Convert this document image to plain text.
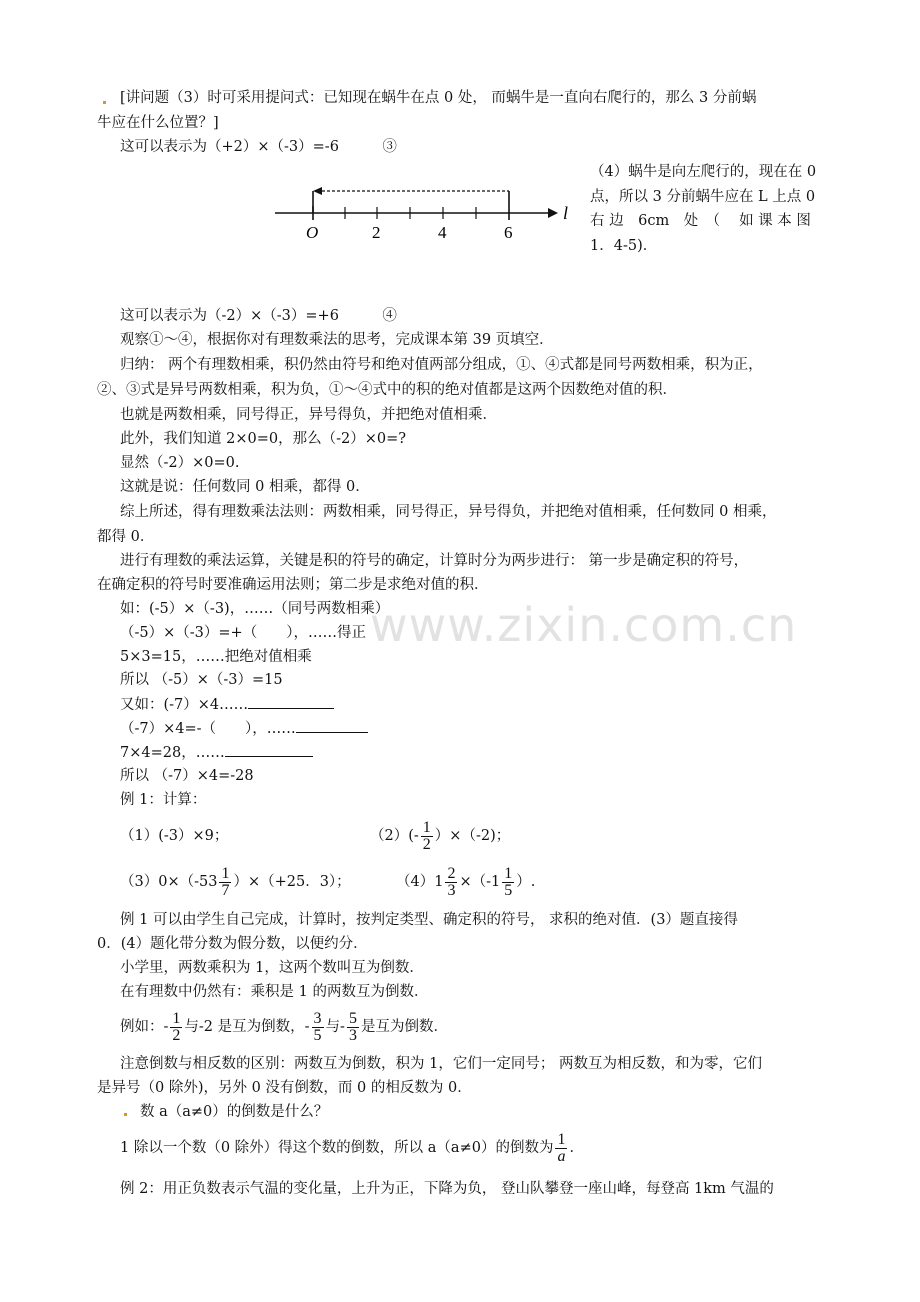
www.zixin.com.cn
[讲问题（3）时可采用提问式：已知现在蜗牛在点 0 处， 而蜗牛是一直向右爬行的，那么 3 分前蜗
牛应在什么位置？]
这可以表示为（+2）×（-3）=-6　　　③
（4）蜗牛是向左爬行的，现在在 0
点，所以 3 分前蜗牛应在 L 上点 0
右 边　6cm　处　（　 如 课 本 图
1．4-5)．
O	2	4	6
l
这可以表示为（-2）×（-3）=+6　　　④
观察①～④，根据你对有理数乘法的思考，完成课本第 39 页填空．
归纳： 两个有理数相乘，积仍然由符号和绝对值两部分组成，①、④式都是同号两数相乘，积为正，
②、③式是异号两数相乘，积为负，①～④式中的积的绝对值都是这两个因数绝对值的积．
也就是两数相乘，同号得正，异号得负，并把绝对值相乘．
此外，我们知道 2×0=0，那么（-2）×0=?
显然（-2）×0=0.
这就是说：任何数同 0 相乘，都得 0．
综上所述，得有理数乘法法则：两数相乘，同号得正，异号得负，并把绝对值相乘，任何数同 0 相乘，
都得 0．
进行有理数的乘法运算，关键是积的符号的确定，计算时分为两步进行： 第一步是确定积的符号，
在确定积的符号时要准确运用法则；第二步是求绝对值的积．
如：(-5）×（-3)，……（同号两数相乘）
（-5）×（-3）=+（　　），……得正
5×3=15，……把绝对值相乘
所以 （-5）×（-3）=15
又如：(-7）×4……
（-7）×4=-（　　），……
7×4=28，……
所以 （-7）×4=-28
例 1：计算：
（1）(-3）×9；	$(2)(- \frac{1}{2} )\times(-2)$；
$(3)0\times(-53 \frac{1}{7} )\times(+25$．3）；	$(4)1 \frac{2}{3} \times(-1 \frac{1}{5}$ ）.
例 1 可以由学生自己完成，计算时，按判定类型、确定积的符号， 求积的绝对值．(3）题直接得
0．(4）题化带分数为假分数，以便约分．
小学里，两数乘积为 1，这两个数叫互为倒数．
在有理数中仍然有：乘积是 1 的两数互为倒数．
例如：- $\frac{1}{2}$ 与-2 是互为倒数，- $\frac{3}{5}$ 与- $\frac{5}{3}$ 是互为倒数．
注意倒数与相反数的区别：两数互为倒数，积为 1，它们一定同号； 两数互为相反数，和为零，它们
是异号（0 除外)，另外 0 没有倒数，而 0 的相反数为 0．
数 a（a≠0）的倒数是什么？
1 除以一个数（0 除外）得这个数的倒数，所以 a（a≠0）的倒数为 $\frac{1}{a}$ ．
例 2：用正负数表示气温的变化量，上升为正，下降为负， 登山队攀登一座山峰，每登高 1km 气温的
